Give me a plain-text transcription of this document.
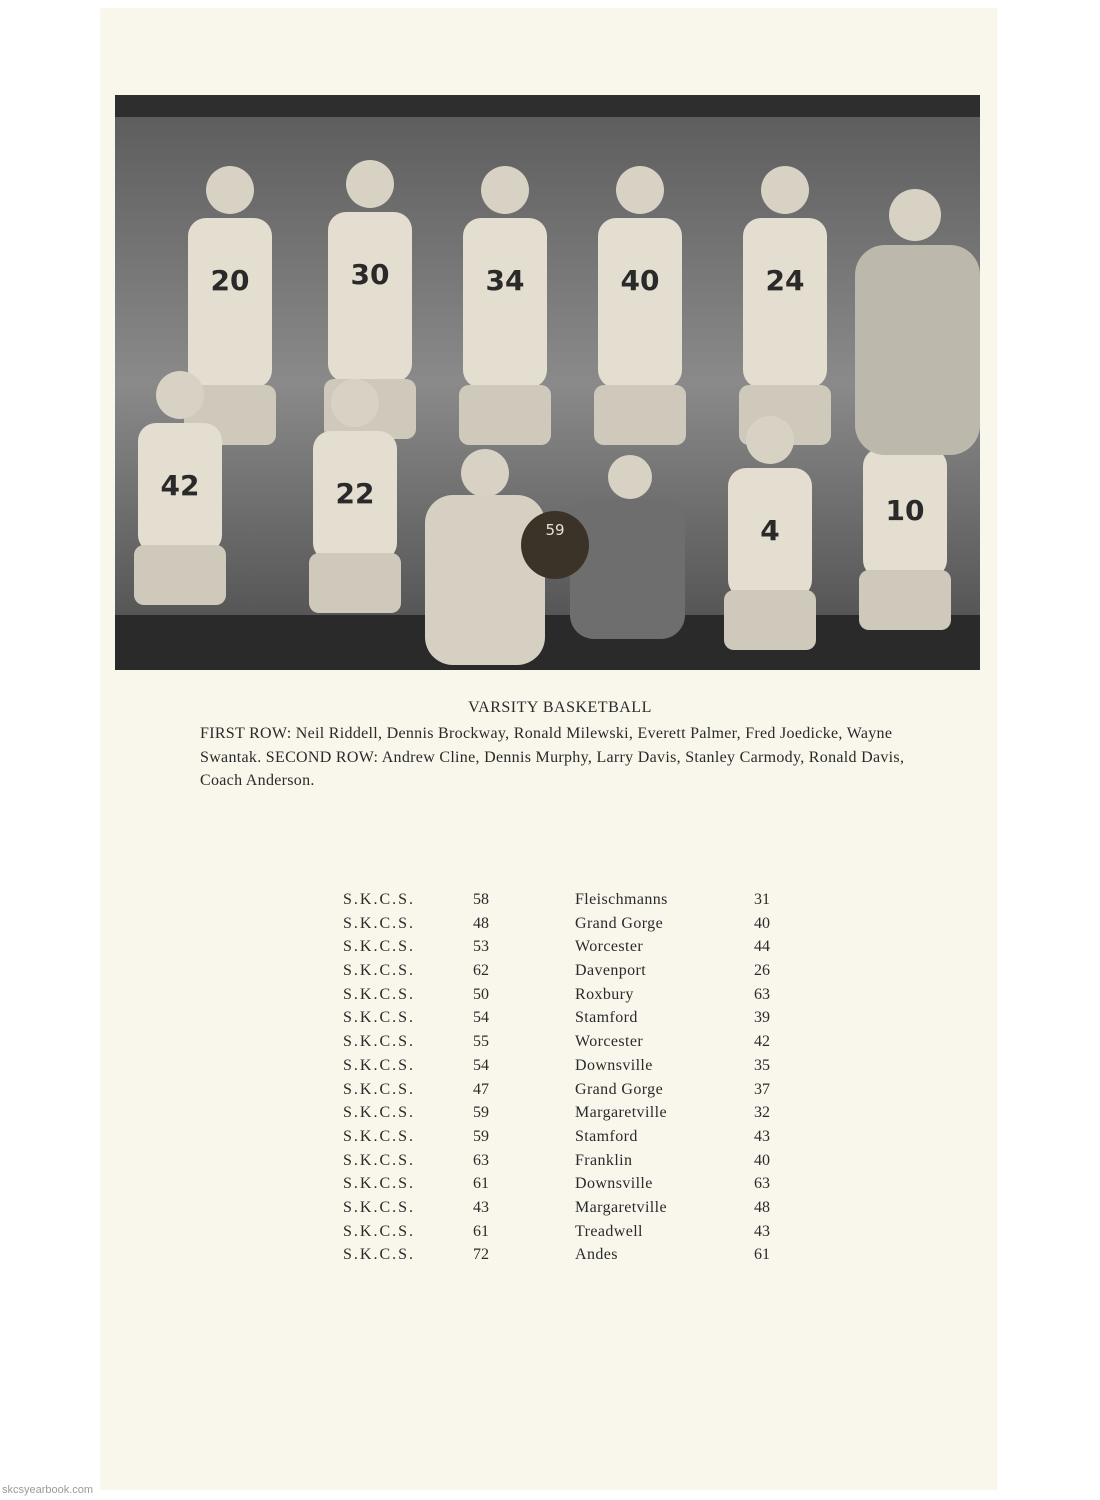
20	30	34	40	24
42	22
4
10
59
VARSITY BASKETBALL
FIRST ROW: Neil Riddell, Dennis Brockway, Ronald Milewski, Everett Palmer, Fred Joedicke, Wayne Swantak. SECOND ROW: Andrew Cline, Dennis Murphy, Larry Davis, Stanley Carmody, Ronald Davis, Coach Anderson.
S.K.C.S.	58	Fleischmanns	31
S.K.C.S.	48	Grand Gorge	40
S.K.C.S.	53	Worcester	44
S.K.C.S.	62	Davenport	26
S.K.C.S.	50	Roxbury	63
S.K.C.S.	54	Stamford	39
S.K.C.S.	55	Worcester	42
S.K.C.S.	54	Downsville	35
S.K.C.S.	47	Grand Gorge	37
S.K.C.S.	59	Margaretville	32
S.K.C.S.	59	Stamford	43
S.K.C.S.	63	Franklin	40
S.K.C.S.	61	Downsville	63
S.K.C.S.	43	Margaretville	48
S.K.C.S.	61	Treadwell	43
S.K.C.S.	72	Andes	61
skcsyearbook.com
